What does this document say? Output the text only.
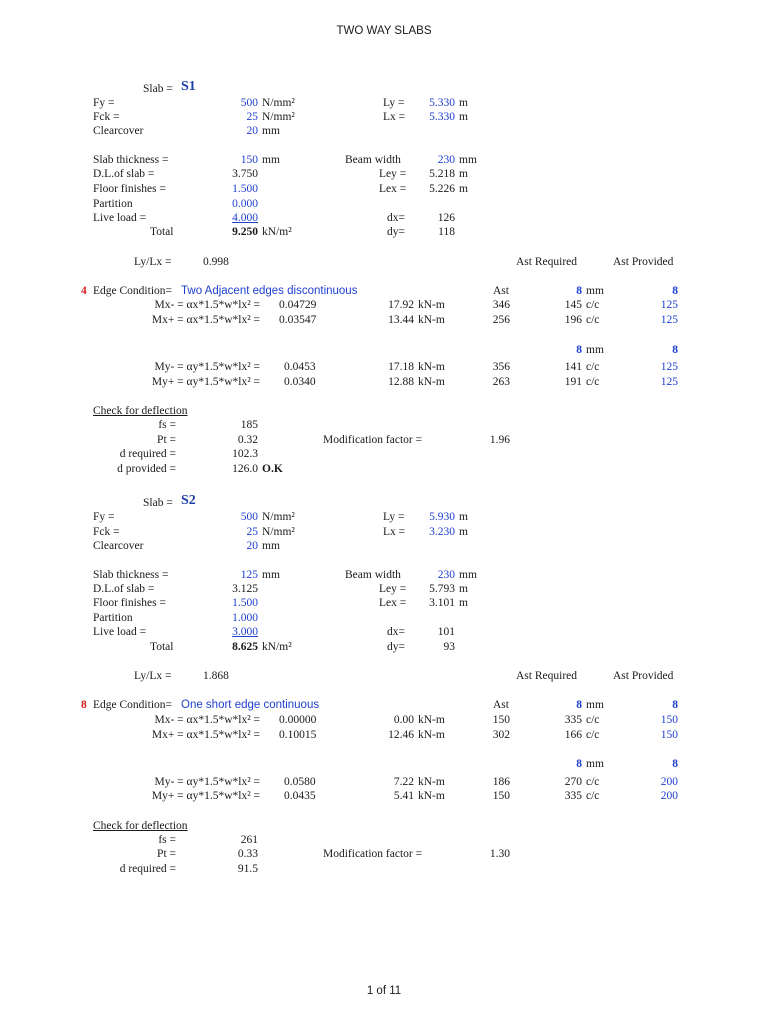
TWO WAY SLABS
Slab = S1
Fy =	500 N/mm²	Ly =	5.330 m
Fck =	25 N/mm²	Lx =	5.330 m
Clearcover	20 mm
Slab thickness =	150 mm	Beam width	230 mm
D.L.of slab =	3.750	Ley =	5.218 m
Floor finishes =	1.500	Lex =	5.226 m
Partition	0.000
Live load =	4.000	dx=	126
Total	9.250 kN/m²	dy=	118
Ly/Lx =	0.998	Ast Required	Ast Provided
4 Edge Condition= Two Adjacent edges discontinuous	Ast	8 mm	8
Mx- = αx*1.5*w*lx² = 0.04729	17.92 kN-m	346	145 c/c	125
Mx+ = αx*1.5*w*lx² = 0.03547	13.44 kN-m	256	196 c/c	125
8 mm	8
My- = αy*1.5*w*lx² = 0.0453	17.18 kN-m	356	141 c/c	125
My+ = αy*1.5*w*lx² = 0.0340	12.88 kN-m	263	191 c/c	125
Check for deflection
fs =	185
Pt =	0.32	Modification factor =	1.96
d required =	102.3
d provided =	126.0 O.K
Slab = S2
Fy =	500 N/mm²	Ly =	5.930 m
Fck =	25 N/mm²	Lx =	3.230 m
Clearcover	20 mm
Slab thickness =	125 mm	Beam width	230 mm
D.L.of slab =	3.125	Ley =	5.793 m
Floor finishes =	1.500	Lex =	3.101 m
Partition	1.000
Live load =	3.000	dx=	101
Total	8.625 kN/m²	dy=	93
Ly/Lx =	1.868	Ast Required	Ast Provided
8 Edge Condition= One short edge continuous	Ast	8 mm	8
Mx- = αx*1.5*w*lx² = 0.00000	0.00 kN-m	150	335 c/c	150
Mx+ = αx*1.5*w*lx² = 0.10015	12.46 kN-m	302	166 c/c	150
8 mm	8
My- = αy*1.5*w*lx² = 0.0580	7.22 kN-m	186	270 c/c	200
My+ = αy*1.5*w*lx² = 0.0435	5.41 kN-m	150	335 c/c	200
Check for deflection
fs =	261
Pt =	0.33	Modification factor =	1.30
d required =	91.5
1 of 11
